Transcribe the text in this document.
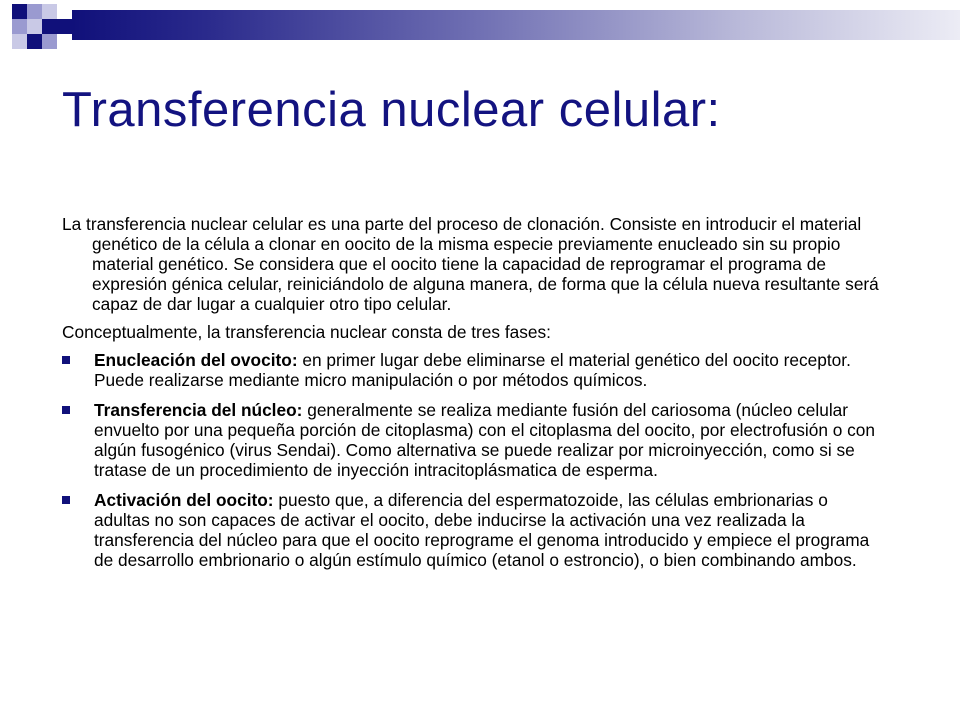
Transferencia nuclear celular:

La transferencia nuclear celular es una parte del proceso de clonación. Consiste en introducir el material genético de la célula a clonar en oocito de la misma especie previamente enucleado sin su propio material genético. Se considera que el oocito tiene la capacidad de reprogramar el programa de expresión génica celular, reiniciándolo de alguna manera, de forma que la célula nueva resultante será capaz de dar lugar a cualquier otro tipo celular.

Conceptualmente, la transferencia nuclear consta de tres fases:

Enucleación del ovocito: en primer lugar debe eliminarse el material genético del oocito receptor. Puede realizarse mediante micro manipulación o por métodos químicos.
Transferencia del núcleo: generalmente se realiza mediante fusión del cariosoma (núcleo celular envuelto por una pequeña porción de citoplasma) con el citoplasma del oocito, por electrofusión o con algún fusogénico (virus Sendai). Como alternativa se puede realizar por microinyección, como si se tratase de un procedimiento de inyección intracitoplásmatica de esperma.
Activación del oocito: puesto que, a diferencia del espermatozoide, las células embrionarias o adultas no son capaces de activar el oocito, debe inducirse la activación una vez realizada la transferencia del núcleo para que el oocito reprograme el genoma introducido y empiece el programa de desarrollo embrionario o algún estímulo químico (etanol o estroncio), o bien combinando ambos.
